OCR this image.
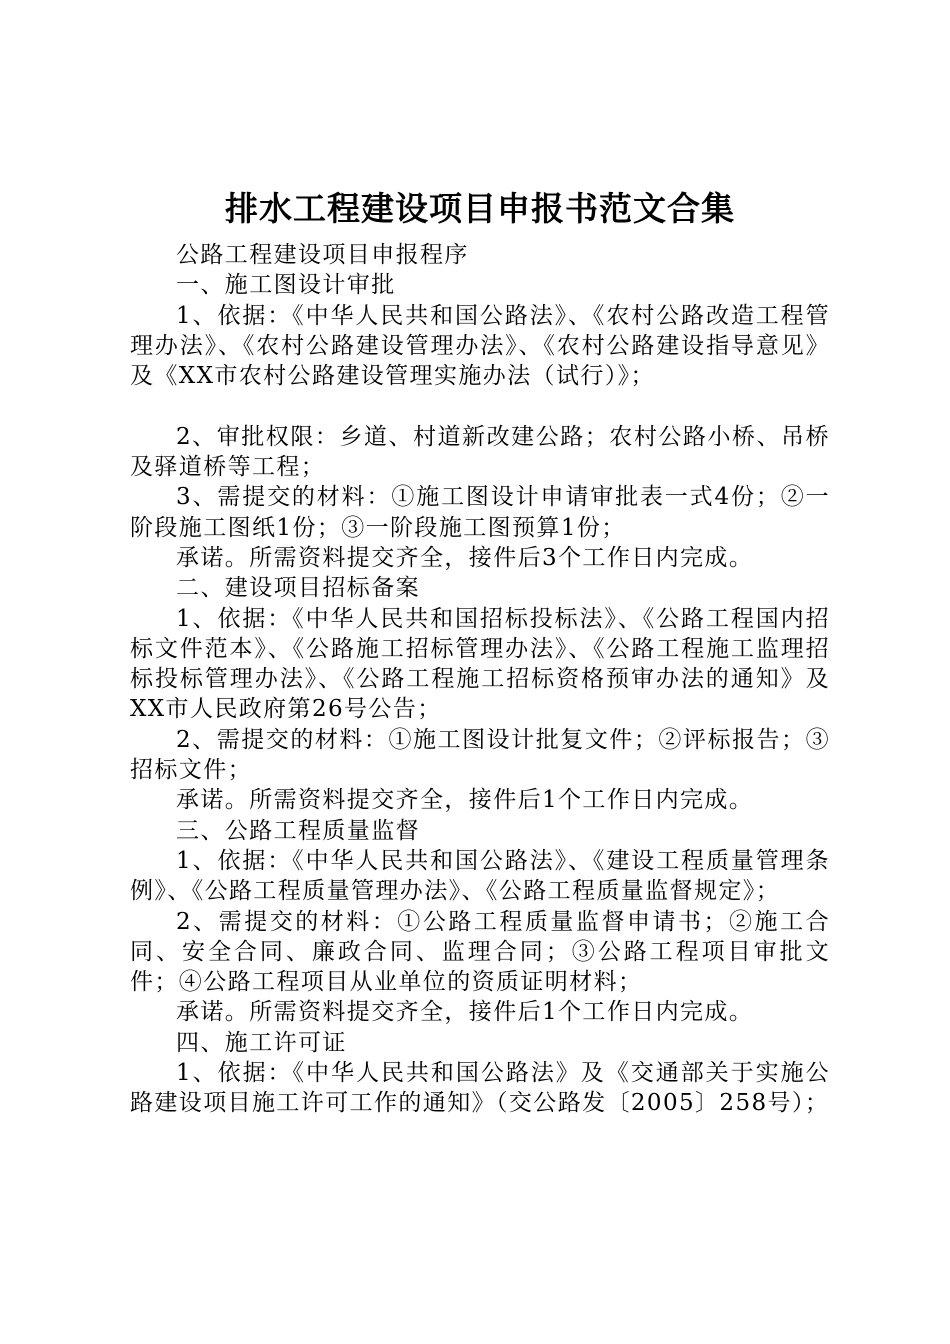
排水工程建设项目申报书范文合集

公路工程建设项目申报程序

一、施工图设计审批

1、依据：《中华人民共和国公路法》、《农村公路改造工程管理办法》、《农村公路建设管理办法》、《农村公路建设指导意见》及《XX市农村公路建设管理实施办法（试行）》；

2、审批权限：乡道、村道新改建公路；农村公路小桥、吊桥及驿道桥等工程；

3、需提交的材料：①施工图设计申请审批表一式4份；②一阶段施工图纸1份；③一阶段施工图预算1份；

承诺。所需资料提交齐全，接件后3个工作日内完成。

二、建设项目招标备案

1、依据：《中华人民共和国招标投标法》、《公路工程国内招标文件范本》、《公路施工招标管理办法》、《公路工程施工监理招标投标管理办法》、《公路工程施工招标资格预审办法的通知》及XX市人民政府第26号公告；

2、需提交的材料：①施工图设计批复文件；②评标报告；③招标文件；

承诺。所需资料提交齐全，接件后1个工作日内完成。

三、公路工程质量监督

1、依据：《中华人民共和国公路法》、《建设工程质量管理条例》、《公路工程质量管理办法》、《公路工程质量监督规定》；

2、需提交的材料：①公路工程质量监督申请书；②施工合同、安全合同、廉政合同、监理合同；③公路工程项目审批文件；④公路工程项目从业单位的资质证明材料；

承诺。所需资料提交齐全，接件后1个工作日内完成。

四、施工许可证

1、依据：《中华人民共和国公路法》及《交通部关于实施公路建设项目施工许可工作的通知》（交公路发〔2005〕258号）；
